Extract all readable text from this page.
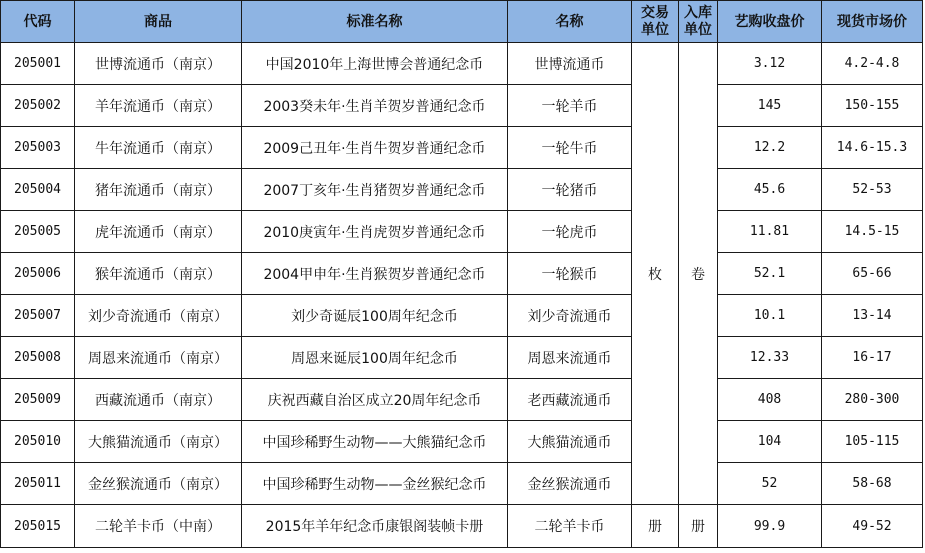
代码	商品	标准名称	名称	交易单位	入库单位	艺购收盘价	现货市场价
205001	世博流通币（南京）	中国2010年上海世博会普通纪念币	世博流通币	枚	卷	3.12	4.2-4.8
205002	羊年流通币（南京）	2003癸未年·生肖羊贺岁普通纪念币	一轮羊币			145	150-155
205003	牛年流通币（南京）	2009己丑年·生肖牛贺岁普通纪念币	一轮牛币			12.2	14.6-15.3
205004	猪年流通币（南京）	2007丁亥年·生肖猪贺岁普通纪念币	一轮猪币			45.6	52-53
205005	虎年流通币（南京）	2010庚寅年·生肖虎贺岁普通纪念币	一轮虎币			11.81	14.5-15
205006	猴年流通币（南京）	2004甲申年·生肖猴贺岁普通纪念币	一轮猴币			52.1	65-66
205007	刘少奇流通币（南京）	刘少奇诞辰100周年纪念币	刘少奇流通币			10.1	13-14
205008	周恩来流通币（南京）	周恩来诞辰100周年纪念币	周恩来流通币			12.33	16-17
205009	西藏流通币（南京）	庆祝西藏自治区成立20周年纪念币	老西藏流通币			408	280-300
205010	大熊猫流通币（南京）	中国珍稀野生动物——大熊猫纪念币	大熊猫流通币			104	105-115
205011	金丝猴流通币（南京）	中国珍稀野生动物——金丝猴纪念币	金丝猴流通币			52	58-68
205015	二轮羊卡币（中南）	2015年羊年纪念币康银阁装帧卡册	二轮羊卡币	册	册	99.9	49-52
